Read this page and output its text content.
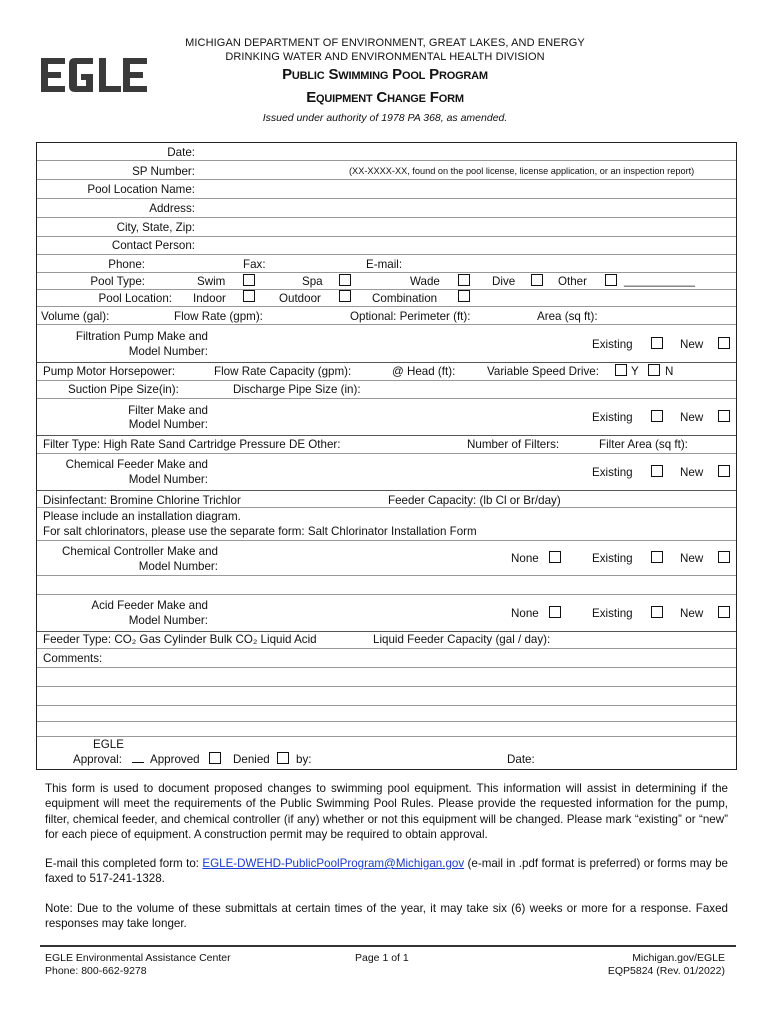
MICHIGAN DEPARTMENT OF ENVIRONMENT, GREAT LAKES, AND ENERGY
DRINKING WATER AND ENVIRONMENTAL HEALTH DIVISION
Public Swimming Pool Program
Equipment Change Form
Issued under authority of 1978 PA 368, as amended.
Date:
SP Number:	(XX-XXXX-XX, found on the pool license, license application, or an inspection report)
Pool Location Name:
Address:
City, State, Zip:
Contact Person:
Phone:	Fax:	E-mail:
Pool Type:	Swim	Spa	Wade	Dive	Other	___________
Pool Location: Indoor	Outdoor	Combination
Volume (gal):	Flow Rate (gpm):	Optional: Perimeter (ft):	Area (sq ft):
Filtration Pump Make and
Model Number:
Existing	New
Pump Motor Horsepower:	Flow Rate Capacity (gpm):	@ Head (ft):	Variable Speed Drive:	Y N
Suction Pipe Size(in):	Discharge Pipe Size (in):
Filter Make and
Model Number:
Existing	New
Filter Type: High Rate Sand Cartridge Pressure DE Other:	Number of Filters:	Filter Area (sq ft):
Chemical Feeder Make and
Model Number:
Existing	New
Disinfectant: Bromine Chlorine Trichlor	Feeder Capacity: (lb Cl or Br/day)
Please include an installation diagram.
For salt chlorinators, please use the separate form: Salt Chlorinator Installation Form
Chemical Controller Make and
Model Number:
None	Existing	New
Acid Feeder Make and
Model Number:
None	Existing	New
Feeder Type: CO₂ Gas Cylinder Bulk CO₂ Liquid Acid	Liquid Feeder Capacity (gal / day):
Comments:
EGLE
Approval: Approved	Denied by:	Date:
This form is used to document proposed changes to swimming pool equipment. This information will assist in determining if the equipment will meet the requirements of the Public Swimming Pool Rules. Please provide the requested information for the pump, filter, chemical feeder, and chemical controller (if any) whether or not this equipment will be changed. Please mark “existing” or “new” for each piece of equipment. A construction permit may be required to obtain approval.
E-mail this completed form to: EGLE-DWEHD-PublicPoolProgram@Michigan.gov (e-mail in .pdf format is preferred) or forms may be faxed to 517-241-1328.
Note: Due to the volume of these submittals at certain times of the year, it may take six (6) weeks or more for a response. Faxed responses may take longer.
EGLE Environmental Assistance Center
Phone: 800-662-9278
Page 1 of 1	Michigan.gov/EGLE
EQP5824 (Rev. 01/2022)
